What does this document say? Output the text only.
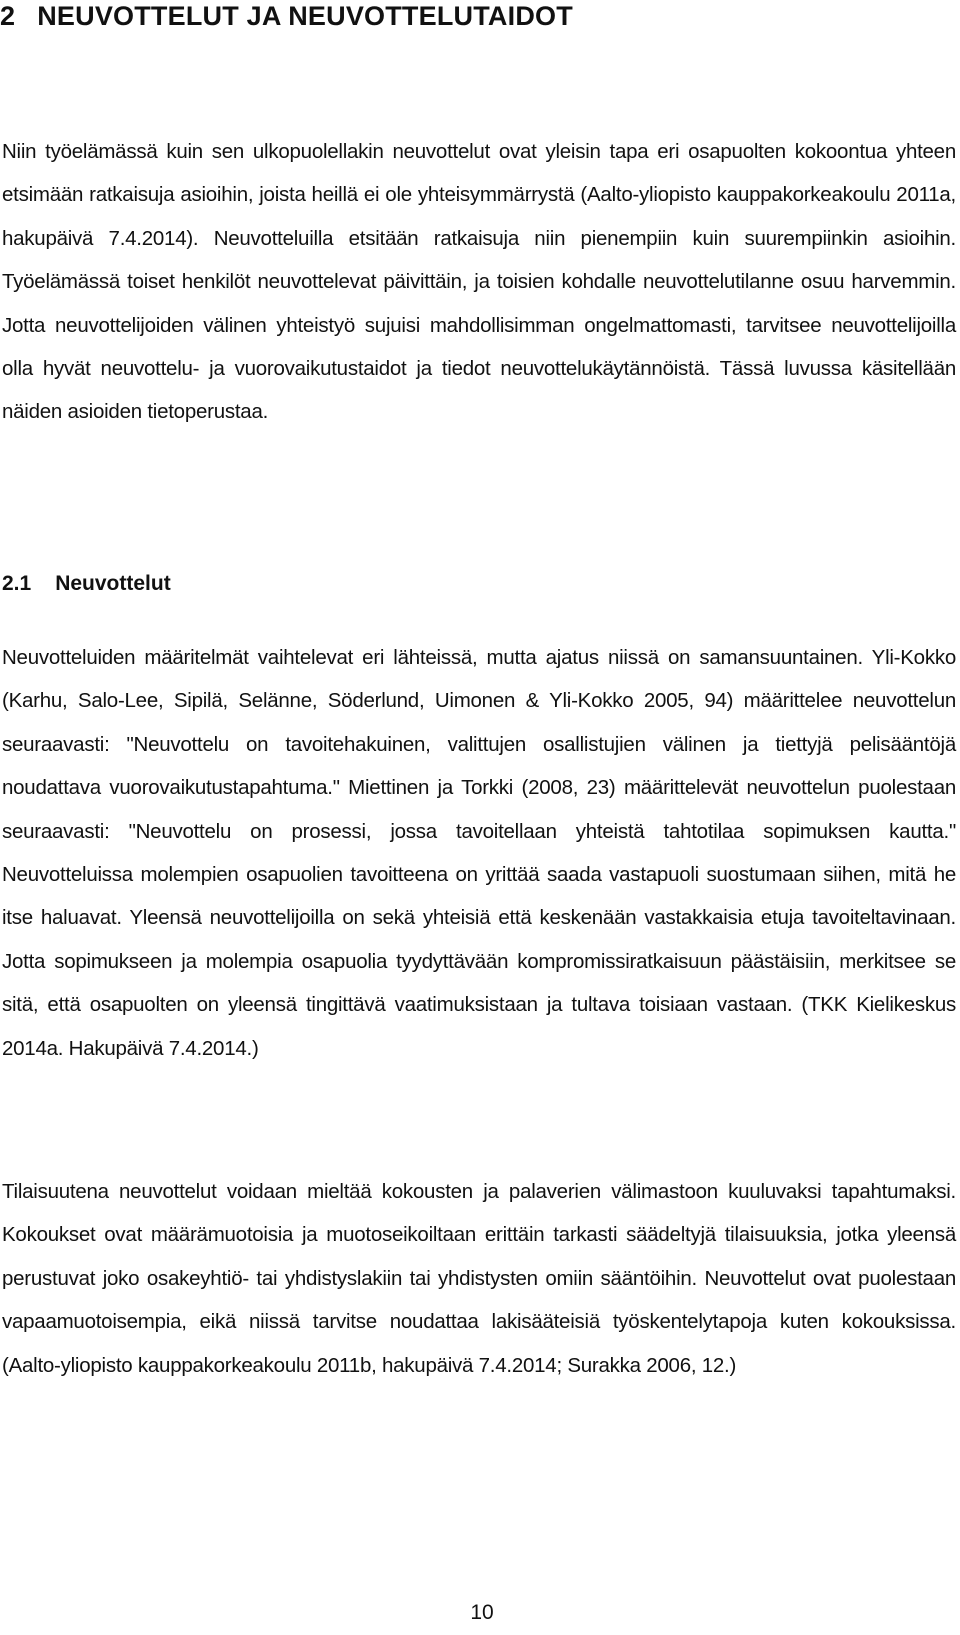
2 NEUVOTTELUT JA NEUVOTTELUTAIDOT

Niin työelämässä kuin sen ulkopuolellakin neuvottelut ovat yleisin tapa eri osapuolten kokoontua yhteen etsimään ratkaisuja asioihin, joista heillä ei ole yhteisymmärrystä (Aalto-yliopisto kauppakorkeakoulu 2011a, hakupäivä 7.4.2014). Neuvotteluilla etsitään ratkaisuja niin pienempiin kuin suurempiinkin asioihin. Työelämässä toiset henkilöt neuvottelevat päivittäin, ja toisien kohdalle neuvottelutilanne osuu harvemmin. Jotta neuvottelijoiden välinen yhteistyö sujuisi mahdollisimman ongelmattomasti, tarvitsee neuvottelijoilla olla hyvät neuvottelu- ja vuorovaikutustaidot ja tiedot neuvottelukäytännöistä. Tässä luvussa käsitellään näiden asioiden tietoperustaa.

2.1 Neuvottelut

Neuvotteluiden määritelmät vaihtelevat eri lähteissä, mutta ajatus niissä on samansuuntainen. Yli-Kokko (Karhu, Salo-Lee, Sipilä, Selänne, Söderlund, Uimonen & Yli-Kokko 2005, 94) määrittelee neuvottelun seuraavasti: "Neuvottelu on tavoitehakuinen, valittujen osallistujien välinen ja tiettyjä pelisääntöjä noudattava vuorovaikutustapahtuma." Miettinen ja Torkki (2008, 23) määrittelevät neuvottelun puolestaan seuraavasti: "Neuvottelu on prosessi, jossa tavoitellaan yhteistä tahtotilaa sopimuksen kautta." Neuvotteluissa molempien osapuolien tavoitteena on yrittää saada vastapuoli suostumaan siihen, mitä he itse haluavat. Yleensä neuvottelijoilla on sekä yhteisiä että keskenään vastakkaisia etuja tavoiteltavinaan. Jotta sopimukseen ja molempia osapuolia tyydyttävään kompromissiratkaisuun päästäisiin, merkitsee se sitä, että osapuolten on yleensä tingittävä vaatimuksistaan ja tultava toisiaan vastaan. (TKK Kielikeskus 2014a. Hakupäivä 7.4.2014.)

Tilaisuutena neuvottelut voidaan mieltää kokousten ja palaverien välimastoon kuuluvaksi tapahtumaksi. Kokoukset ovat määrämuotoisia ja muotoseikoiltaan erittäin tarkasti säädeltyjä tilaisuuksia, jotka yleensä perustuvat joko osakeyhtiö- tai yhdistyslakiin tai yhdistysten omiin sääntöihin. Neuvottelut ovat puolestaan vapaamuotoisempia, eikä niissä tarvitse noudattaa lakisääteisiä työskentelytapoja kuten kokouksissa. (Aalto-yliopisto kauppakorkeakoulu 2011b, hakupäivä 7.4.2014; Surakka 2006, 12.)

10
